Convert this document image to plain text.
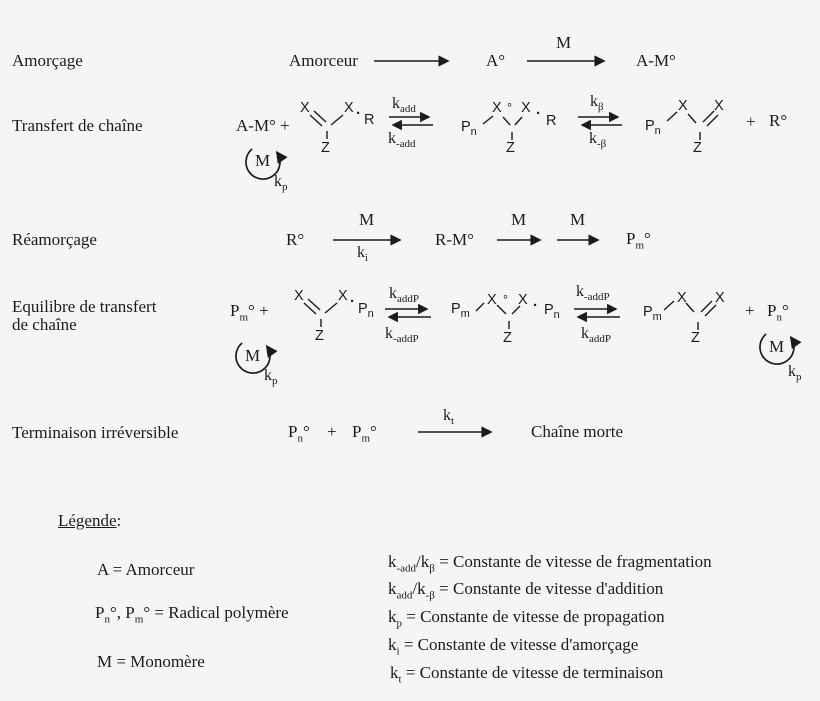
Amorçage	Amorceur	A°
M
A-M°
Transfert de chaîne	A-M° +
M
$k_p$
X X · R
Z
$k_{add}$
$k_{-add}$
$P_n$
X ° X · R
Z
$k_\beta$
$k_{-\beta}$
$P_n$
X X
Z
+ R°
Réamorçage	R°
M
$k_i$
R-M°
M	M
$P_m^\circ$
Equilibre de transfert
de chaîne
$P_m^\circ$ +
M
$k_p$
X $X \cdot P_n$
Z
$k_{addP}$
$k_{-addP}$
$P_m$
X ° $X \cdot P_n$
Z
$k_{-addP}$
$k_{addP}$
$P_m$
X X
Z
+ $P_n^\circ$
M
$k_p$
Terminaison irréversible	$P_n^\circ + P_m^\circ$
$k_t$
Chaîne morte
Légende:
A = Amorceur
$P_n^\circ$, $P_m^\circ$ = Radical polymère
M = Monomère
$k_{-add}/k_\beta$ = Constante de vitesse de fragmentation
$k_{add}/k_{-\beta}$ = Constante de vitesse d'addition
$k_p$ = Constante de vitesse de propagation
$k_i$ = Constante de vitesse d'amorçage
$k_t$ = Constante de vitesse de terminaison
